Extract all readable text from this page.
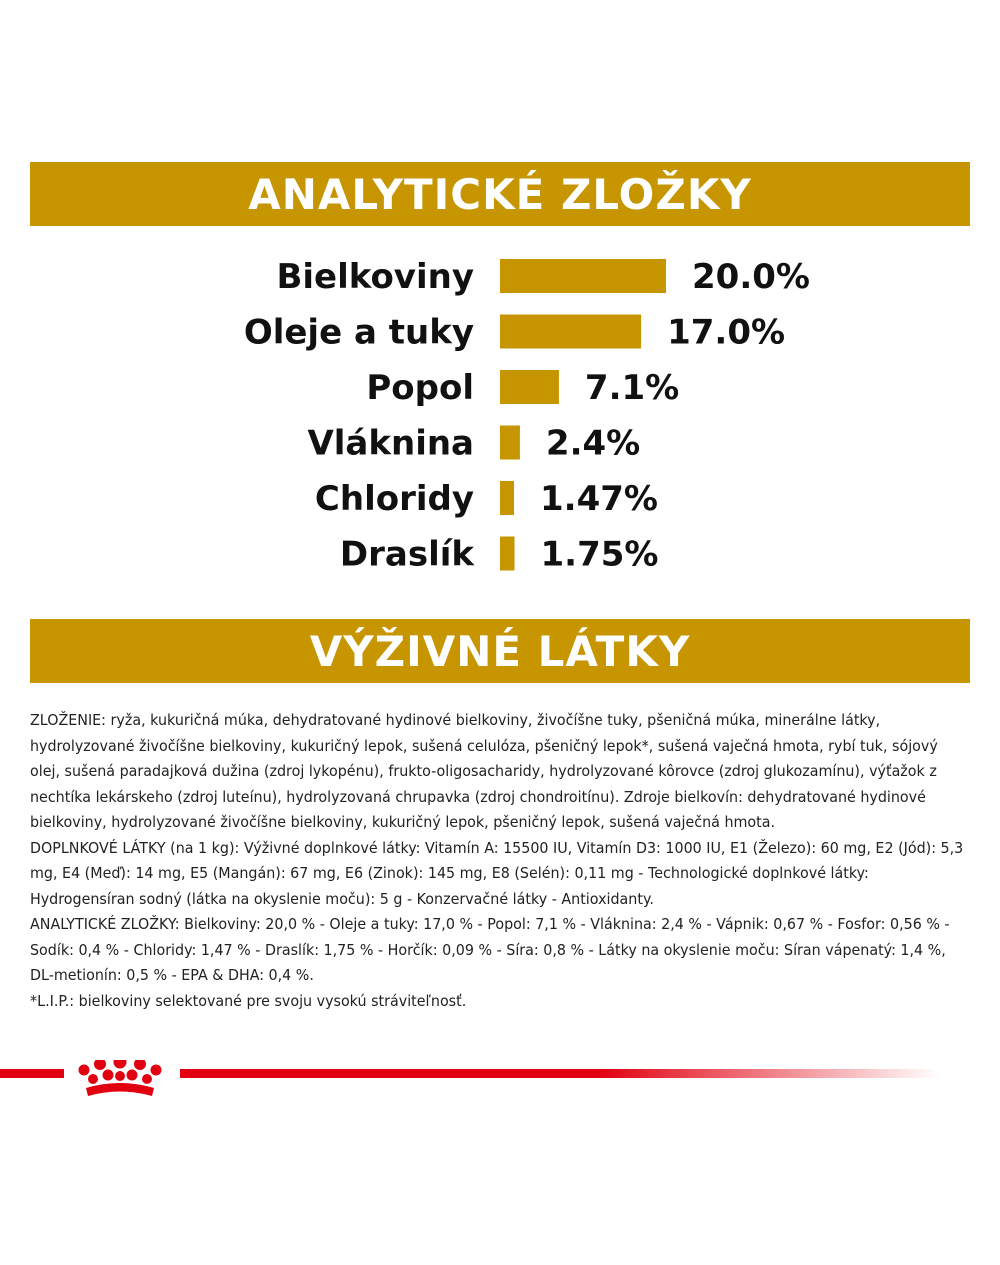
ANALYTICKÉ ZLOŽKY
Bielkoviny	20.0%
Oleje a tuky	17.0%
Popol	7.1%
Vláknina 2.4%
Chloridy 1.47%
Draslík 1.75%
VÝŽIVNÉ LÁTKY

ZLOŽENIE: ryža, kukuričná múka, dehydratované hydinové bielkoviny, živočíšne tuky, pšeničná múka, minerálne látky, hydrolyzované živočíšne bielkoviny, kukuričný lepok, sušená celulóza, pšeničný lepok*, sušená vaječná hmota, rybí tuk, sójový olej, sušená paradajková dužina (zdroj lykopénu), frukto-oligosacharidy, hydrolyzované kôrovce (zdroj glukozamínu), výťažok z nechtíka lekárskeho (zdroj luteínu), hydrolyzovaná chrupavka (zdroj chondroitínu). Zdroje bielkovín: dehydratované hydinové bielkoviny, hydrolyzované živočíšne bielkoviny, kukuričný lepok, pšeničný lepok, sušená vaječná hmota.

DOPLNKOVÉ LÁTKY (na 1 kg): Výživné doplnkové látky: Vitamín A: 15500 IU, Vitamín D3: 1000 IU, E1 (Železo): 60 mg, E2 (Jód): 5,3 mg, E4 (Meď): 14 mg, E5 (Mangán): 67 mg, E6 (Zinok): 145 mg, E8 (Selén): 0,11 mg - Technologické doplnkové látky: Hydrogensíran sodný (látka na okyslenie moču): 5 g - Konzervačné látky - Antioxidanty.

ANALYTICKÉ ZLOŽKY: Bielkoviny: 20,0 % - Oleje a tuky: 17,0 % - Popol: 7,1 % - Vláknina: 2,4 % - Vápnik: 0,67 % - Fosfor: 0,56 % - Sodík: 0,4 % - Chloridy: 1,47 % - Draslík: 1,75 % - Horčík: 0,09 % - Síra: 0,8 % - Látky na okyslenie moču: Síran vápenatý: 1,4 %, DL-metionín: 0,5 % - EPA & DHA: 0,4 %.

*L.I.P.: bielkoviny selektované pre svoju vysokú stráviteľnosť.
